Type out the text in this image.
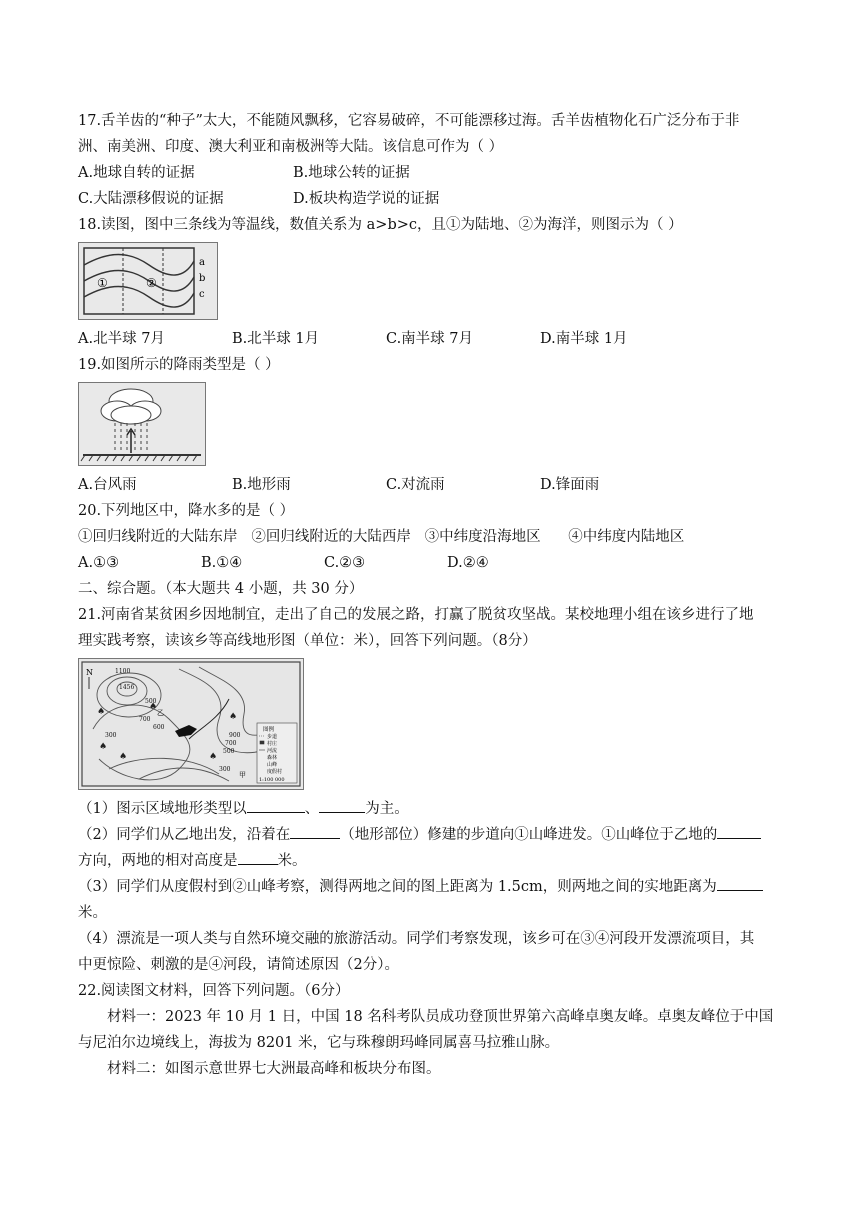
17.舌羊齿的“种子”太大，不能随风飘移，它容易破碎，不可能漂移过海。舌羊齿植物化石广泛分布于非
洲、南美洲、印度、澳大利亚和南极洲等大陆。该信息可作为（ ）
A.地球自转的证据	B.地球公转的证据
C.大陆漂移假说的证据	D.板块构造学说的证据
18.读图，图中三条线为等温线，数值关系为 a>b>c，且①为陆地、②为海洋，则图示为（ ）
①	②
a
b
c
A.北半球 7月	B.北半球 1月	C.南半球 7月	D.南半球 1月
19.如图所示的降雨类型是（ ）
A.台风雨	B.地形雨	C.对流雨	D.锋面雨
20.下列地区中，降水多的是（ ）
①回归线附近的大陆东岸   ②回归线附近的大陆西岸   ③中纬度沿海地区      ④中纬度内陆地区
A.①③	B.①④	C.②③	D.②④
二、综合题。（本大题共 4 小题，共 30 分）
21.河南省某贫困乡因地制宜，走出了自己的发展之路，打赢了脱贫攻坚战。某校地理小组在该乡进行了地
理实践考察，读该乡等高线地形图（单位：米），回答下列问题。（8分）
N
♠
♠
♠
♠
♠
♠
1100
1456
500
700
600
300	900
700
500
300
乙
甲
图例
步道
村庄
河流
森林
山峰
度假村
1:100 000
（1）图示区域地形类型以	、	为主。
（2）同学们从乙地出发，沿着在	（地形部位）修建的步道向①山峰进发。①山峰位于乙地的
方向，两地的相对高度是	米。
（3）同学们从度假村到②山峰考察，测得两地之间的图上距离为 1.5cm，则两地之间的实地距离为
米。
（4）漂流是一项人类与自然环境交融的旅游活动。同学们考察发现，该乡可在③④河段开发漂流项目，其
中更惊险、刺激的是④河段，请简述原因（2分）。
22.阅读图文材料，回答下列问题。（6分）
材料一：2023 年 10 月 1 日，中国 18 名科考队员成功登顶世界第六高峰卓奥友峰。卓奥友峰位于中国
与尼泊尔边境线上，海拔为 8201 米，它与珠穆朗玛峰同属喜马拉雅山脉。
材料二：如图示意世界七大洲最高峰和板块分布图。
